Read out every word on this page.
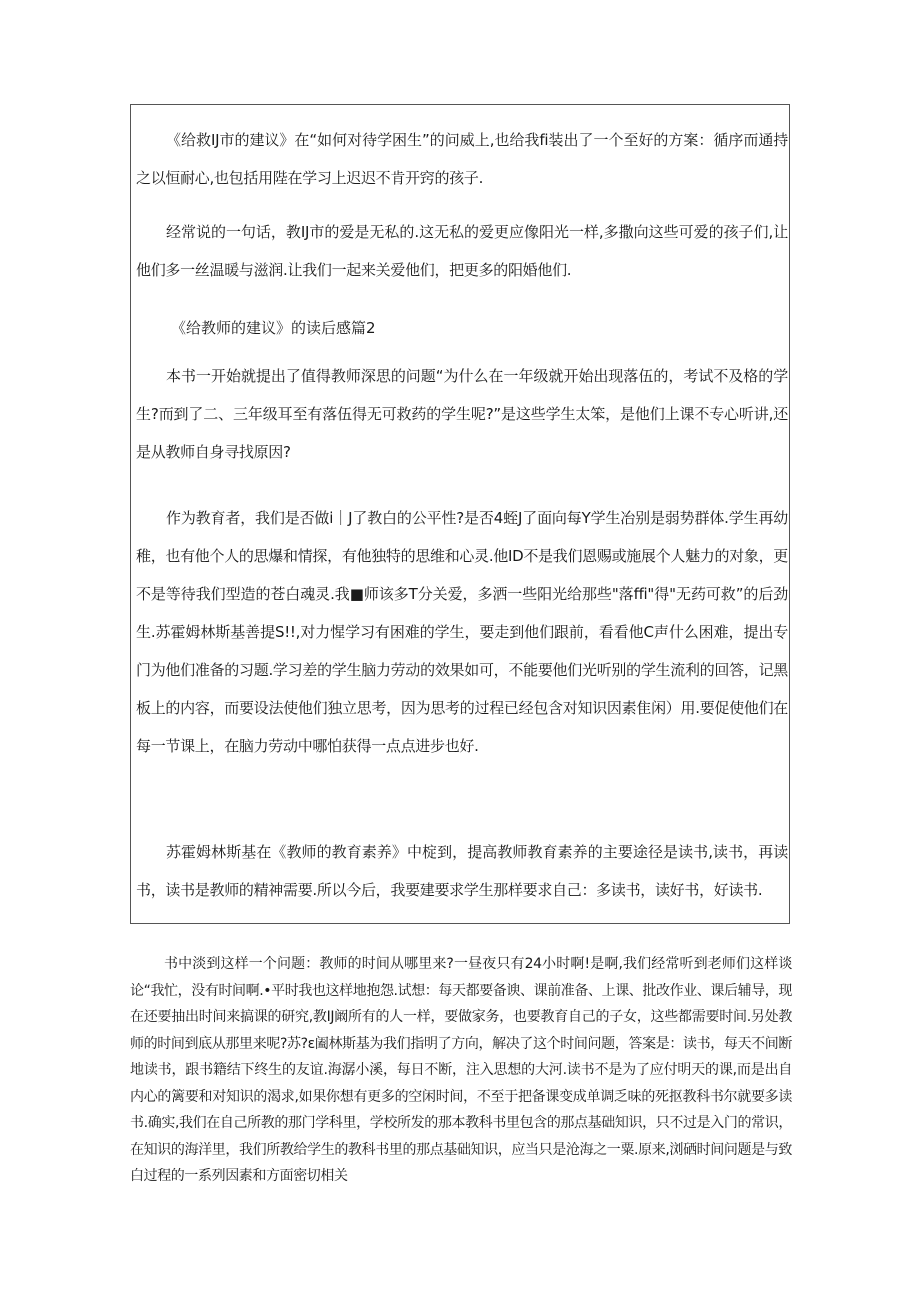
《给救IJ市的建议》在“如何对待学困生”的问威上,也给我fi装出了一个至好的方案：循序而通持之以恒耐心,也包括用陛在学习上迟迟不肯开窍的孩子.

经常说的一句话，教IJ市的爱是无私的.这无私的爱更应像阳光一样,多撒向这些可爱的孩子们,让他们多一丝温暖与滋润.让我们一起来关爱他们，把更多的阳婚他们.

《给教师的建议》的读后感篇2

本书一开始就提出了值得教师深思的问题“为什么在一年级就开始出现落伍的，考试不及格的学生?而到了二、三年级耳至有落伍得无可救药的学生呢?”是这些学生太笨，是他们上课不专心听讲,还是从教师自身寻找原因?

作为教育者，我们是否做i｜J了教白的公平性?是否4蛭J了面向每Y学生冶别是弱势群体.学生再幼稚，也有他个人的思爆和情探，有他独特的思维和心灵.他ID不是我们恩赐或施展个人魅力的对象，更不是等待我们型造的苍白魂灵.我■师该多T分关爱，多洒一些阳光给那些"落ffi"得"无药可救”的后劲生.苏霍姆林斯基善提S!!,对力惺学习有困难的学生，要走到他们跟前，看看他C声什么困难，提出专门为他们准备的习题.学习差的学生脑力劳动的效果如可，不能要他们光听别的学生流利的回答，记黑板上的内容，而要设法使他们独立思考，因为思考的过程已经包含对知识因素隹闲）用.要促使他们在每一节课上，在脑力劳动中哪怕获得一点点进步也好.

苏霍姆林斯基在《教师的教育素养》中椗到，提高教师教育素养的主要途径是读书,读书，再读书，读书是教师的精神需要.所以今后，我要建要求学生那样要求自己：多读书，读好书，好读书.

书中淡到这样一个问题：教师的时间从哪里来?一昼夜只有24小时啊!是啊,我们经常听到老师们这样谈论“我忙，没有时间啊.•平时我也这样地抱怨.试想：每天都要备谀、课前准备、上课、批改作业、课后辅导，现在还要抽出时间来搞课的研究,教IJ阚所有的人一样，要做家务，也要教育自己的子女，这些都需要时间.另处教师的时间到底从那里来呢?苏?ε阖林斯基为我们指明了方向，解决了这个时间问题，答案是：读书，每天不间断地读书，跟书籍结下终生的友谊.海潺小溪，每日不断，注入思想的大河.读书不是为了应付明天的课,而是出自内心的篱要和对知识的渴求,如果你想有更多的空闲时间，不至于把备课变成单调乏味的死抠教科书尔就要多读书.确实,我们在自己所教的那门学科里，学校所发的那本教科书里包含的那点基础知识，只不过是入门的常识，在知识的海洋里，我们所教给学生的教科书里的那点基础知识，应当只是沧海之一粟.原来,浏硒时间问题是与致白过程的一系列因素和方面密切相关
